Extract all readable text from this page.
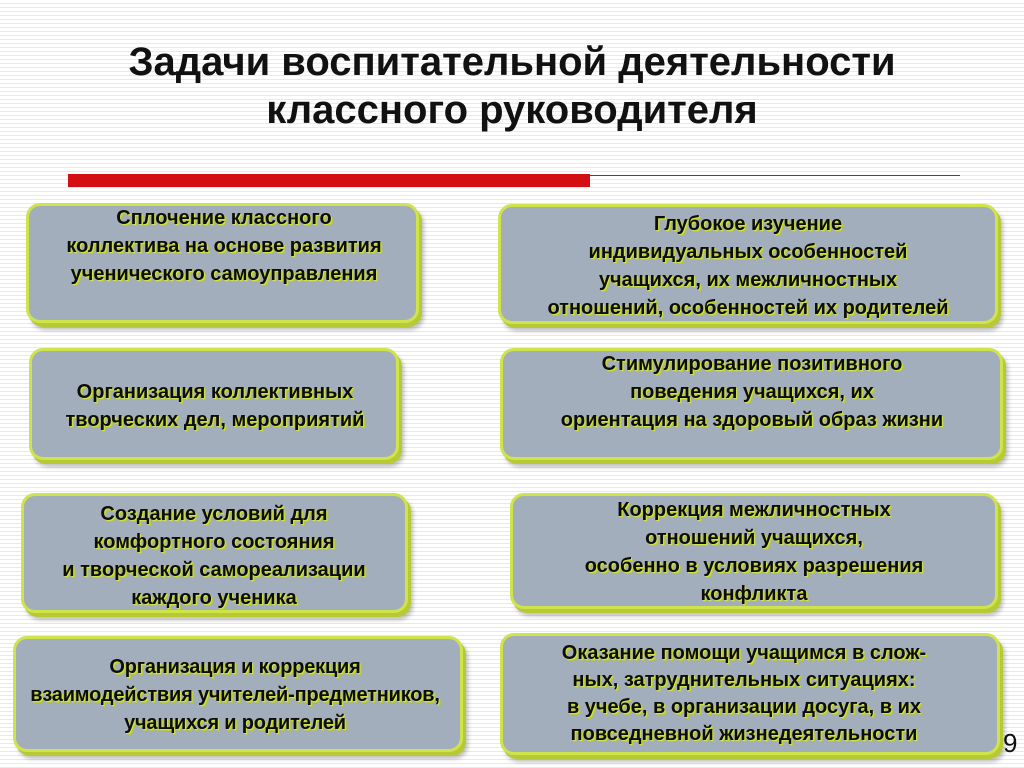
Задачи воспитательной деятельности
классного руководителя
Сплочение классного
коллектива на основе развития
ученического самоуправления
Глубокое изучение
индивидуальных особенностей
учащихся, их межличностных
отношений, особенностей их родителей
Организация коллективных
творческих дел, мероприятий
Стимулирование позитивного
поведения учащихся, их
ориентация на здоровый образ жизни
Создание условий для
комфортного состояния
и творческой самореализации
каждого ученика
Коррекция межличностных
отношений учащихся,
особенно в условиях разрешения
конфликта
Организация и коррекция
взаимодействия учителей-предметников,
учащихся и родителей
Оказание помощи учащимся в слож-
ных, затруднительных ситуациях:
в учебе, в организации досуга, в их
повседневной жизнедеятельности	9
